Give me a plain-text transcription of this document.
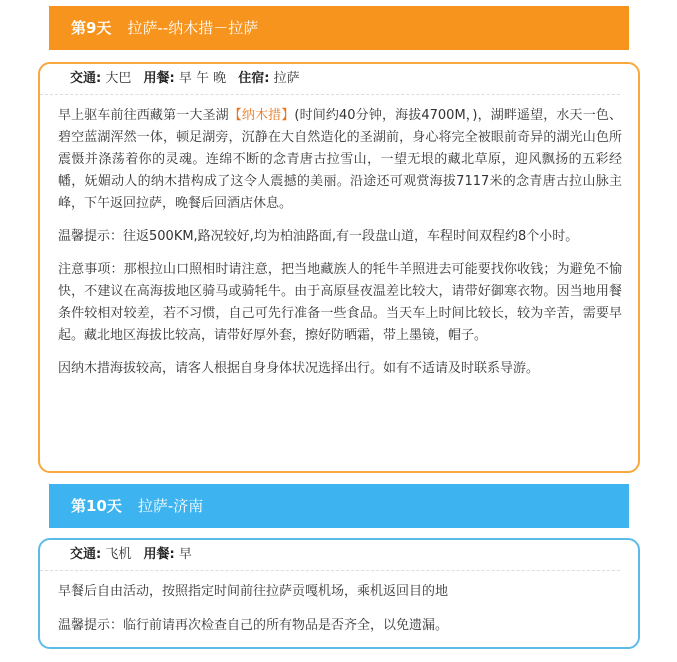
第9天 拉萨--纳木措－拉萨
交通: 大巴 用餐: 早 午 晚 住宿: 拉萨

早上驱车前往西藏第一大圣湖【纳木措】(时间约40分钟，海拔4700M，)，湖畔遥望，水天一色、碧空蓝湖浑然一体，顿足湖旁，沉静在大自然造化的圣湖前，身心将完全被眼前奇异的湖光山色所震慑并涤荡着你的灵魂。连绵不断的念青唐古拉雪山，一望无垠的藏北草原，迎风飘扬的五彩经幡，妩媚动人的纳木措构成了这令人震撼的美丽。沿途还可观赏海拔7117米的念青唐古拉山脉主峰，下午返回拉萨，晚餐后回酒店休息。

温馨提示：往返500KM,路况较好,均为柏油路面,有一段盘山道，车程时间双程约8个小时。

注意事项：那根拉山口照相时请注意，把当地藏族人的牦牛羊照进去可能要找你收钱；为避免不愉快，不建议在高海拔地区骑马或骑牦牛。由于高原昼夜温差比较大，请带好御寒衣物。因当地用餐条件较相对较差，若不习惯，自己可先行准备一些食品。当天车上时间比较长，较为辛苦，需要早起。藏北地区海拔比较高，请带好厚外套，擦好防晒霜，带上墨镜，帽子。

因纳木措海拔较高，请客人根据自身身体状况选择出行。如有不适请及时联系导游。

第10天 拉萨-济南
交通: 飞机 用餐: 早

早餐后自由活动，按照指定时间前往拉萨贡嘎机场，乘机返回目的地

温馨提示：临行前请再次检查自己的所有物品是否齐全，以免遗漏。
